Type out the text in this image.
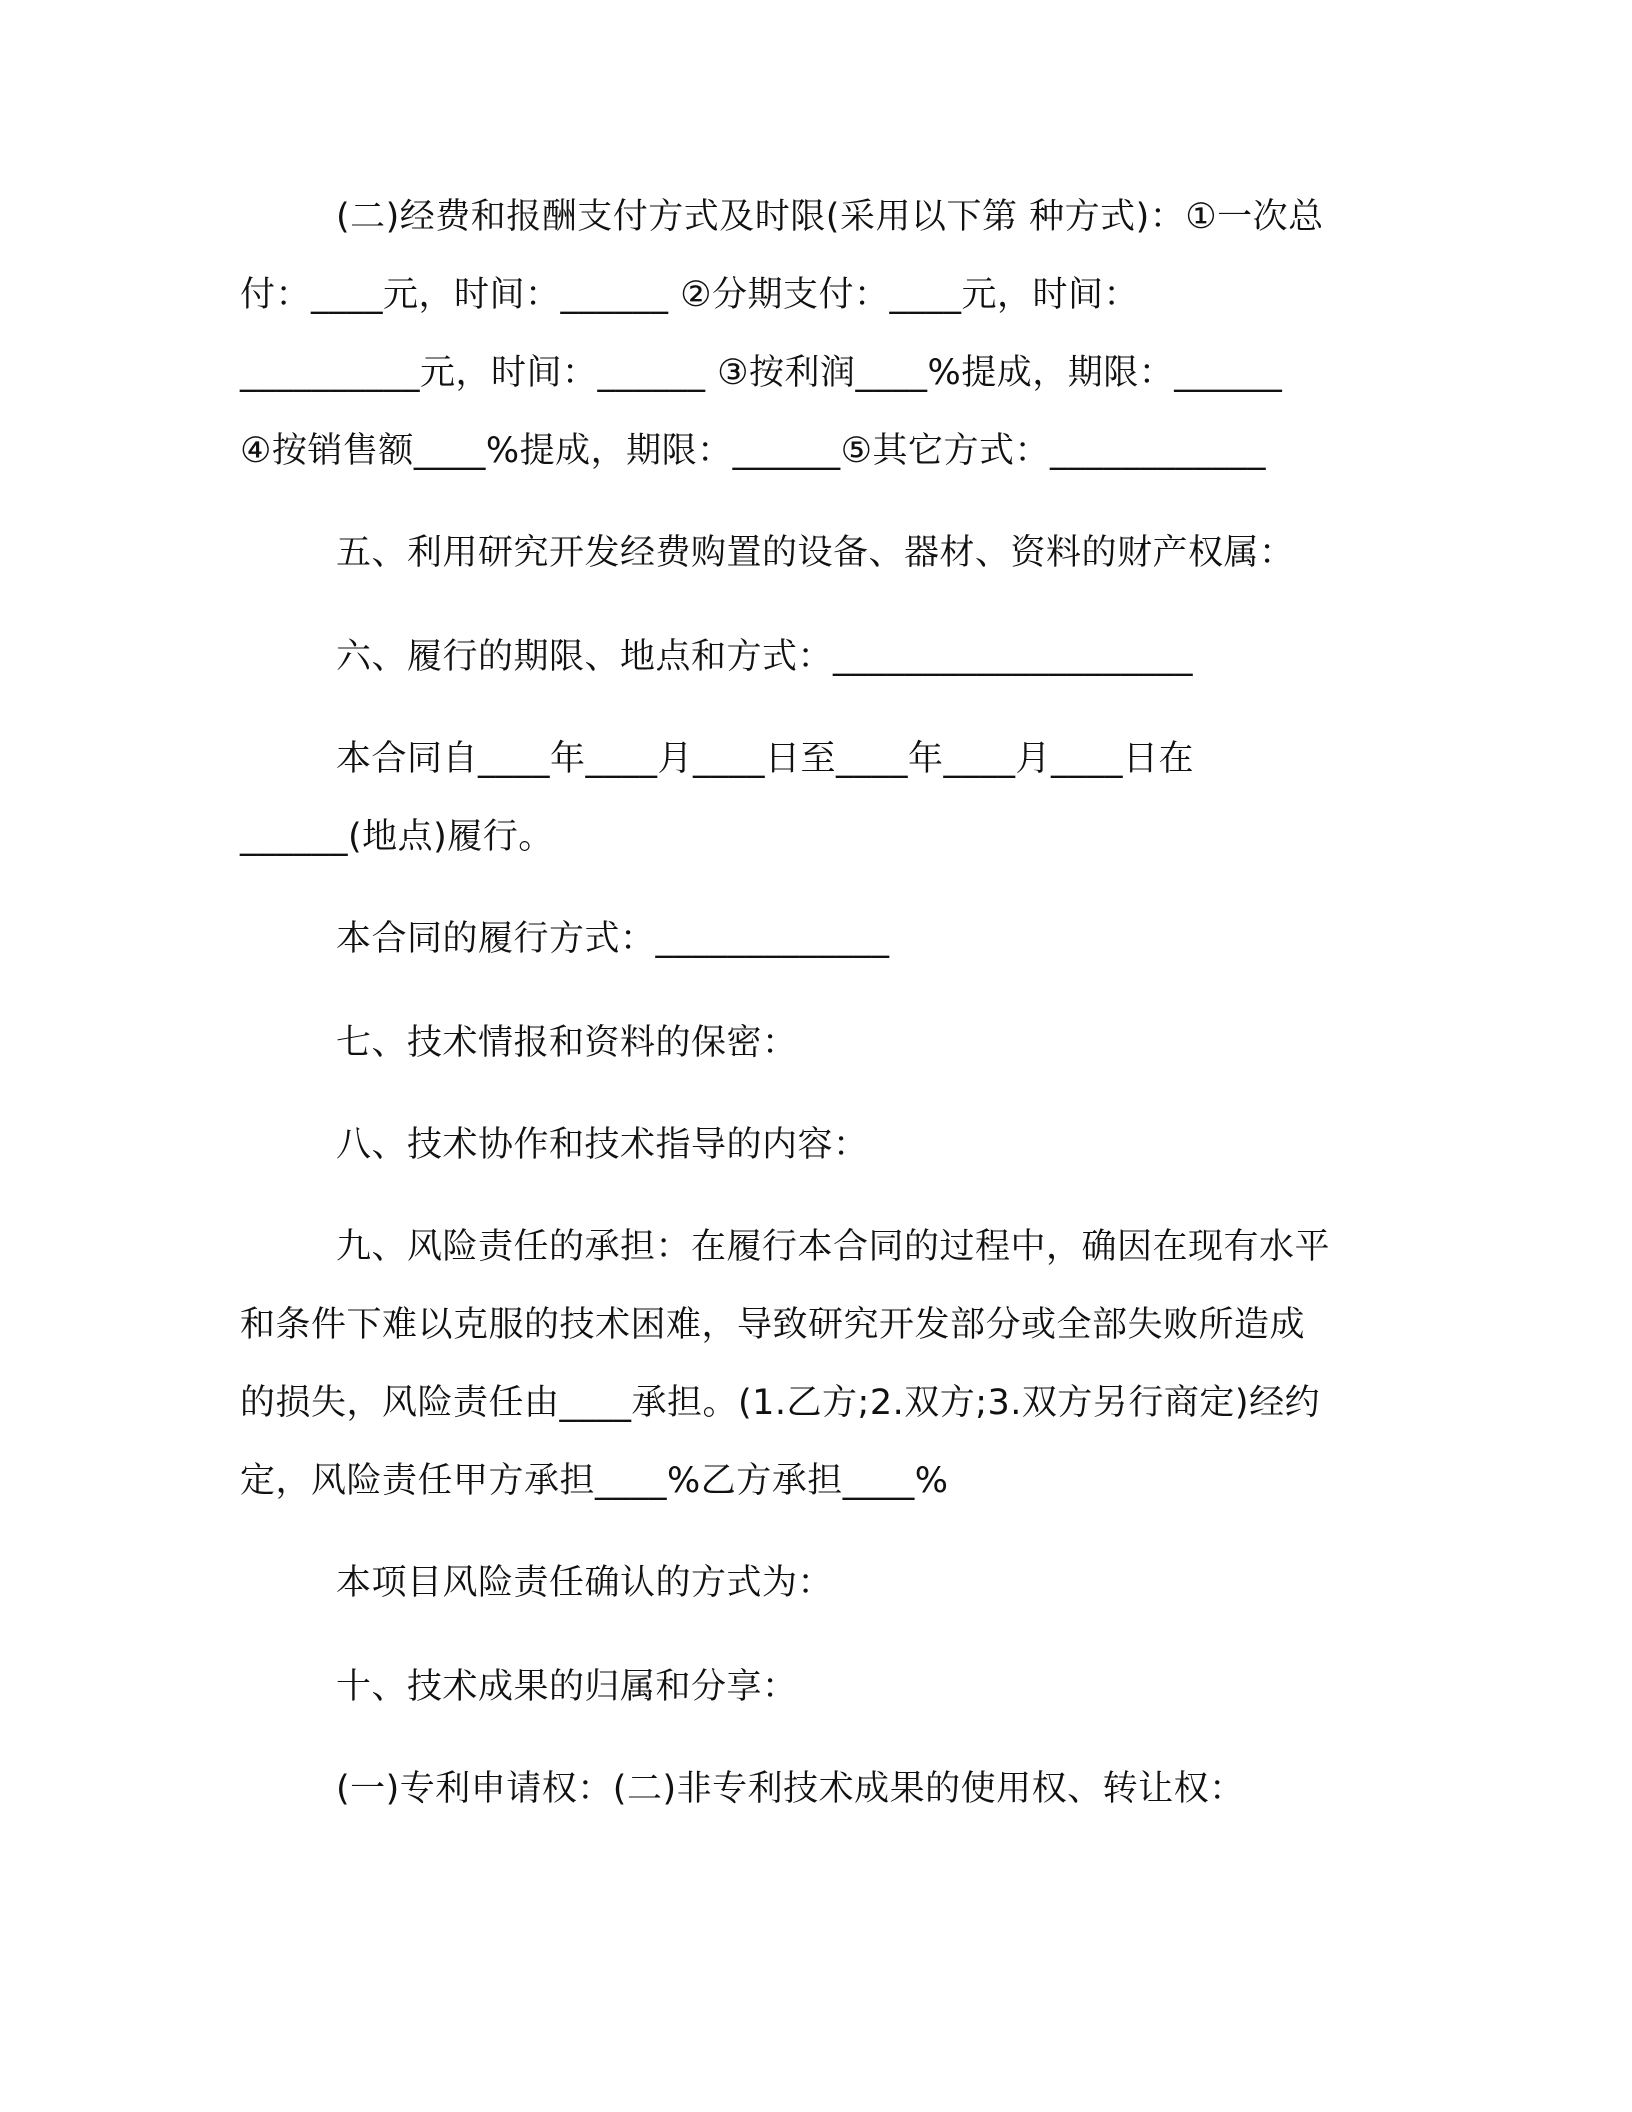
(二)经费和报酬支付方式及时限(采用以下第 种方式)：①一次总

付：____元，时间：______ ②分期支付：____元，时间：

__________元，时间：______ ③按利润____%提成，期限：______

④按销售额____%提成，期限：______⑤其它方式：____________

五、利用研究开发经费购置的设备、器材、资料的财产权属：

六、履行的期限、地点和方式：____________________

本合同自____年____月____日至____年____月____日在

______(地点)履行。

本合同的履行方式：_____________

七、技术情报和资料的保密：

八、技术协作和技术指导的内容：

九、风险责任的承担：在履行本合同的过程中，确因在现有水平

和条件下难以克服的技术困难，导致研究开发部分或全部失败所造成

的损失，风险责任由____承担。(1.乙方;2.双方;3.双方另行商定)经约

定，风险责任甲方承担____%乙方承担____%

本项目风险责任确认的方式为：

十、技术成果的归属和分享：

(一)专利申请权：(二)非专利技术成果的使用权、转让权：
